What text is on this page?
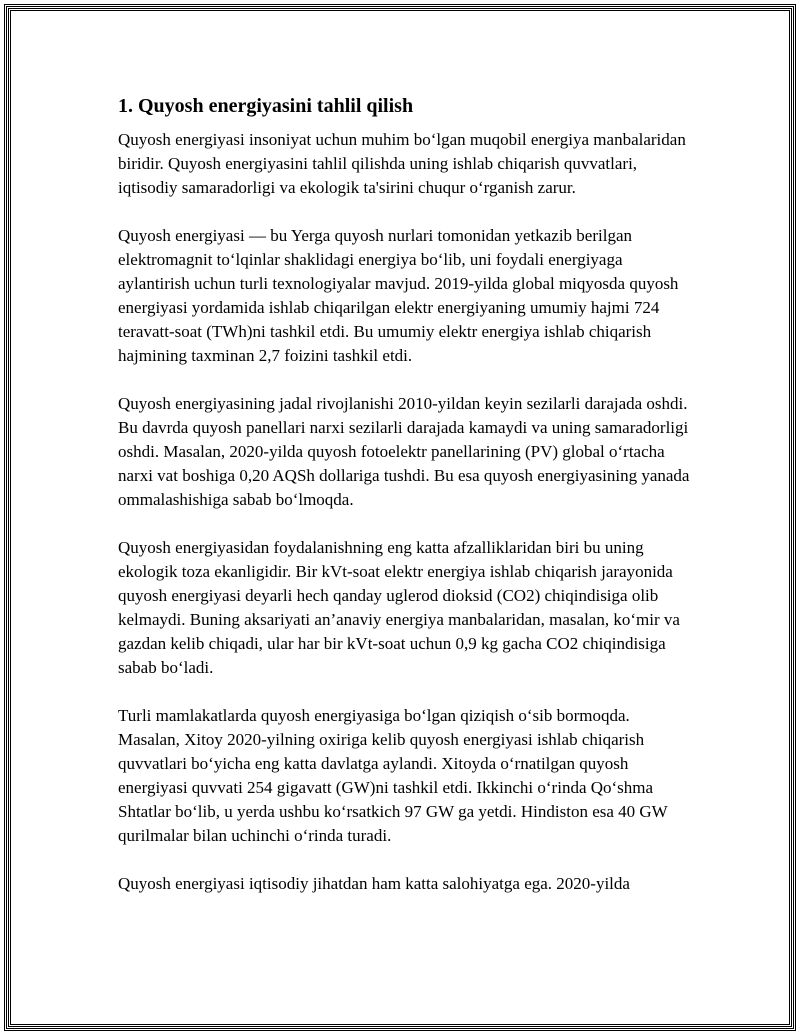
1. Quyosh energiyasini tahlil qilish

Quyosh energiyasi insoniyat uchun muhim bo‘lgan muqobil energiya manbalaridan biridir. Quyosh energiyasini tahlil qilishda uning ishlab chiqarish quvvatlari, iqtisodiy samaradorligi va ekologik ta'sirini chuqur o‘rganish zarur.

Quyosh energiyasi — bu Yerga quyosh nurlari tomonidan yetkazib berilgan elektromagnit to‘lqinlar shaklidagi energiya bo‘lib, uni foydali energiyaga aylantirish uchun turli texnologiyalar mavjud. 2019-yilda global miqyosda quyosh energiyasi yordamida ishlab chiqarilgan elektr energiyaning umumiy hajmi 724 teravatt-soat (TWh)ni tashkil etdi. Bu umumiy elektr energiya ishlab chiqarish hajmining taxminan 2,7 foizini tashkil etdi.

Quyosh energiyasining jadal rivojlanishi 2010-yildan keyin sezilarli darajada oshdi. Bu davrda quyosh panellari narxi sezilarli darajada kamaydi va uning samaradorligi oshdi. Masalan, 2020-yilda quyosh fotoelektr panellarining (PV) global o‘rtacha narxi vat boshiga 0,20 AQSh dollariga tushdi. Bu esa quyosh energiyasining yanada ommalashishiga sabab bo‘lmoqda.

Quyosh energiyasidan foydalanishning eng katta afzalliklaridan biri bu uning ekologik toza ekanligidir. Bir kVt-soat elektr energiya ishlab chiqarish jarayonida quyosh energiyasi deyarli hech qanday uglerod dioksid (CO2) chiqindisiga olib kelmaydi. Buning aksariyati an’anaviy energiya manbalaridan, masalan, ko‘mir va gazdan kelib chiqadi, ular har bir kVt-soat uchun 0,9 kg gacha CO2 chiqindisiga sabab bo‘ladi.

Turli mamlakatlarda quyosh energiyasiga bo‘lgan qiziqish o‘sib bormoqda. Masalan, Xitoy 2020-yilning oxiriga kelib quyosh energiyasi ishlab chiqarish quvvatlari bo‘yicha eng katta davlatga aylandi. Xitoyda o‘rnatilgan quyosh energiyasi quvvati 254 gigavatt (GW)ni tashkil etdi. Ikkinchi o‘rinda Qo‘shma Shtatlar bo‘lib, u yerda ushbu ko‘rsatkich 97 GW ga yetdi. Hindiston esa 40 GW qurilmalar bilan uchinchi o‘rinda turadi.

Quyosh energiyasi iqtisodiy jihatdan ham katta salohiyatga ega. 2020-yilda
